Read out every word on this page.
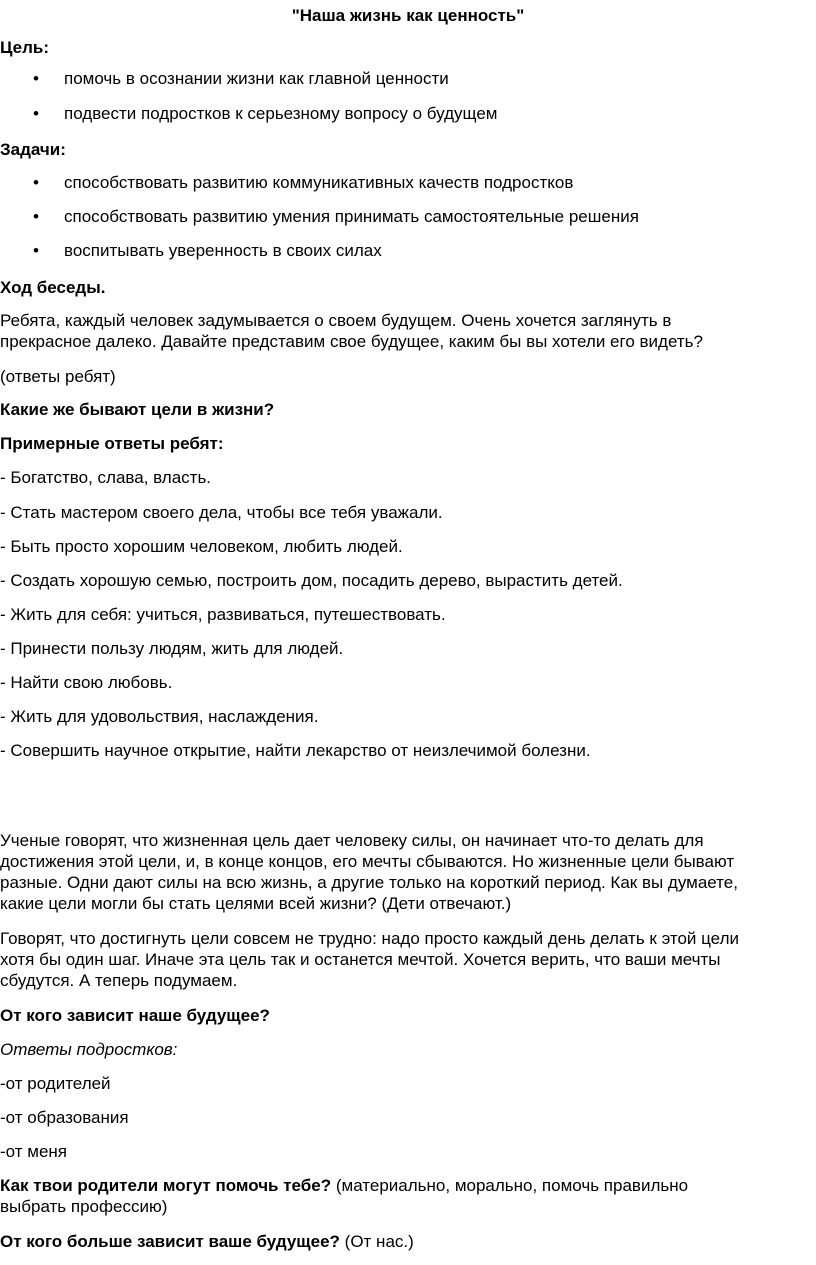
"Наша жизнь как ценность"
Цель:
•	помочь в осознании жизни как главной ценности
•	подвести подростков к серьезному вопросу о будущем
Задачи:
•	способствовать развитию коммуникативных качеств подростков
•	способствовать развитию умения принимать самостоятельные решения
•	воспитывать уверенность в своих силах
Ход беседы.
Ребята, каждый человек задумывается о своем будущем. Очень хочется заглянуть в
прекрасное далеко. Давайте представим свое будущее, каким бы вы хотели его видеть?
(ответы ребят)
Какие же бывают цели в жизни?
Примерные ответы ребят:
- Богатство, слава, власть.
- Стать мастером своего дела, чтобы все тебя уважали.
- Быть просто хорошим человеком, любить людей.
- Создать хорошую семью, построить дом, посадить дерево, вырастить детей.
- Жить для себя: учиться, развиваться, путешествовать.
- Принести пользу людям, жить для людей.
- Найти свою любовь.
- Жить для удовольствия, наслаждения.
- Совершить научное открытие, найти лекарство от неизлечимой болезни.
Ученые говорят, что жизненная цель дает человеку силы, он начинает что-то делать для
достижения этой цели, и, в конце концов, его мечты сбываются. Но жизненные цели бывают
разные. Одни дают силы на всю жизнь, а другие только на короткий период. Как вы думаете,
какие цели могли бы стать целями всей жизни? (Дети отвечают.)
Говорят, что достигнуть цели совсем не трудно: надо просто каждый день делать к этой цели
хотя бы один шаг. Иначе эта цель так и останется мечтой. Хочется верить, что ваши мечты
сбудутся. А теперь подумаем.
От кого зависит наше будущее?
Ответы подростков:
-от родителей
-от образования
-от меня
Как твои родители могут помочь тебе? (материально, морально, помочь правильно
выбрать профессию)
От кого больше зависит ваше будущее? (От нас.)
